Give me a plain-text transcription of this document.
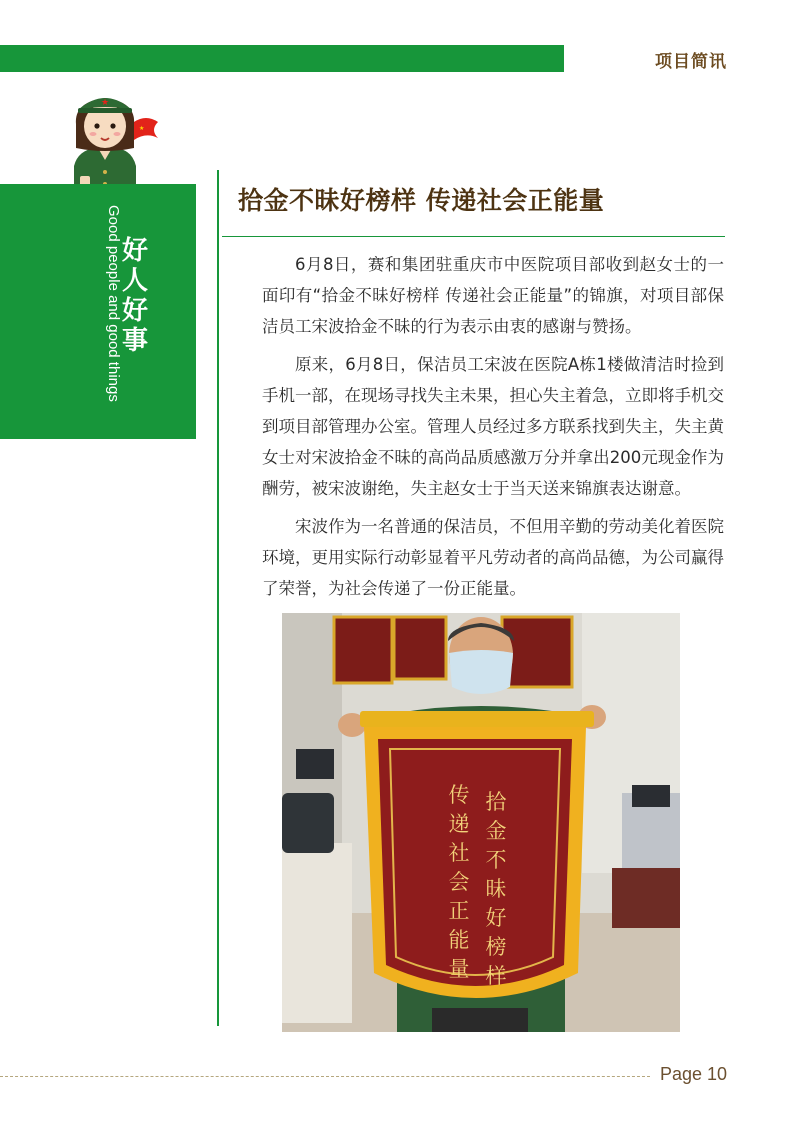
项目简讯
★
★
Good people and good things 好
人
好
事
拾金不昧好榜样 传递社会正能量

6月8日，赛和集团驻重庆市中医院项目部收到赵女士的一面印有“拾金不昧好榜样 传递社会正能量”的锦旗，对项目部保洁员工宋波拾金不昧的行为表示由衷的感谢与赞扬。

原来，6月8日，保洁员工宋波在医院A栋1楼做清洁时捡到手机一部，在现场寻找失主未果，担心失主着急，立即将手机交到项目部管理办公室。管理人员经过多方联系找到失主，失主黄女士对宋波拾金不昧的高尚品质感激万分并拿出200元现金作为酬劳，被宋波谢绝，失主赵女士于当天送来锦旗表达谢意。

宋波作为一名普通的保洁员，不但用辛勤的劳动美化着医院环境，更用实际行动彰显着平凡劳动者的高尚品德，为公司赢得了荣誉，为社会传递了一份正能量。

拾
金
不
昧
好
榜
样
传
递
社
会
正
能
量
Page 10
